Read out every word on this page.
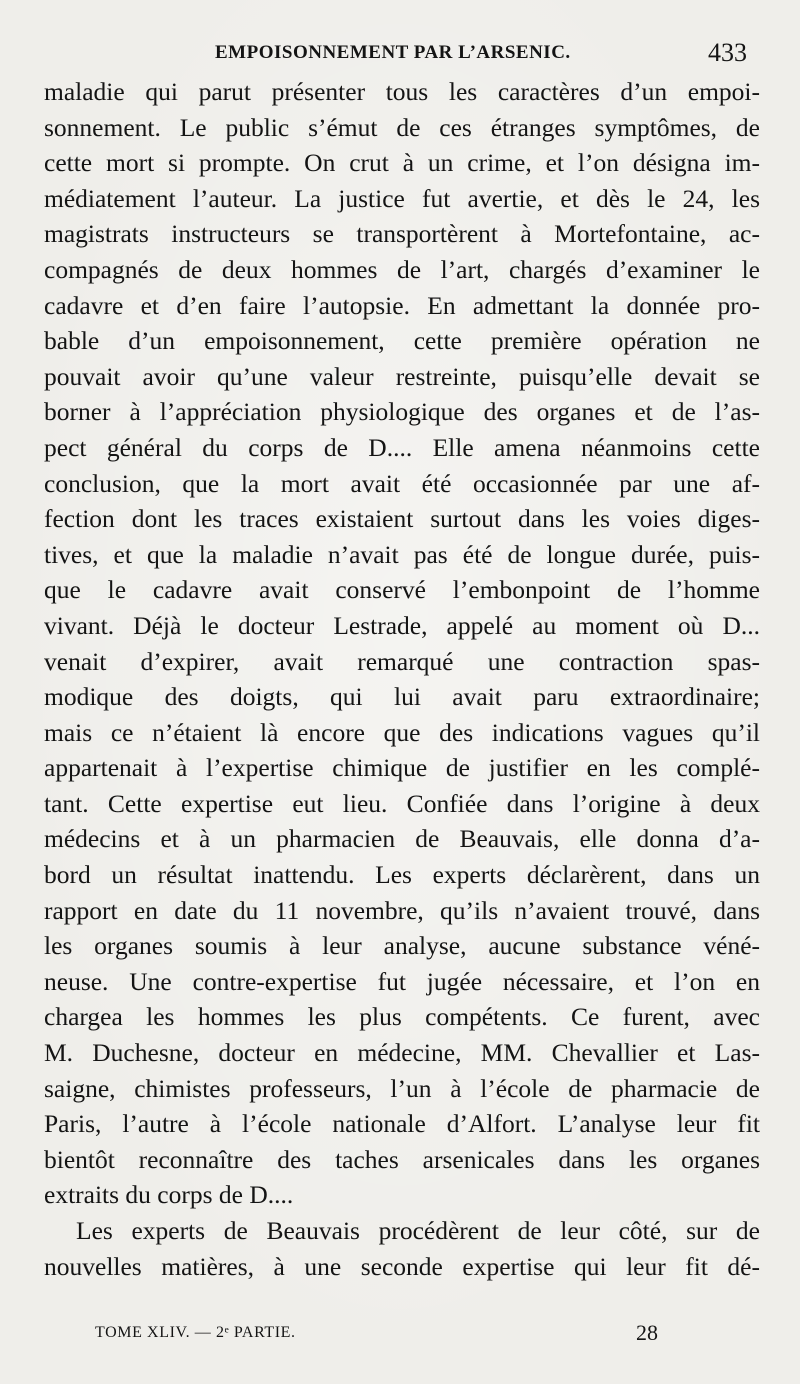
EMPOISONNEMENT PAR L’ARSENIC.	433
maladie qui parut présenter tous les caractères d’un empoi-
sonnement. Le public s’émut de ces étranges symptômes, de
cette mort si prompte. On crut à un crime, et l’on désigna im-
médiatement l’auteur. La justice fut avertie, et dès le 24, les
magistrats instructeurs se transportèrent à Mortefontaine, ac-
compagnés de deux hommes de l’art, chargés d’examiner le
cadavre et d’en faire l’autopsie. En admettant la donnée pro-
bable d’un empoisonnement, cette première opération ne
pouvait avoir qu’une valeur restreinte, puisqu’elle devait se
borner à l’appréciation physiologique des organes et de l’as-
pect général du corps de D.... Elle amena néanmoins cette
conclusion, que la mort avait été occasionnée par une af-
fection dont les traces existaient surtout dans les voies diges-
tives, et que la maladie n’avait pas été de longue durée, puis-
que le cadavre avait conservé l’embonpoint de l’homme
vivant. Déjà le docteur Lestrade, appelé au moment où D...
venait d’expirer, avait remarqué une contraction spas-
modique des doigts, qui lui avait paru extraordinaire;
mais ce n’étaient là encore que des indications vagues qu’il
appartenait à l’expertise chimique de justifier en les complé-
tant. Cette expertise eut lieu. Confiée dans l’origine à deux
médecins et à un pharmacien de Beauvais, elle donna d’a-
bord un résultat inattendu. Les experts déclarèrent, dans un
rapport en date du 11 novembre, qu’ils n’avaient trouvé, dans
les organes soumis à leur analyse, aucune substance véné-
neuse. Une contre-expertise fut jugée nécessaire, et l’on en
chargea les hommes les plus compétents. Ce furent, avec
M. Duchesne, docteur en médecine, MM. Chevallier et Las-
saigne, chimistes professeurs, l’un à l’école de pharmacie de
Paris, l’autre à l’école nationale d’Alfort. L’analyse leur fit
bientôt reconnaître des taches arsenicales dans les organes
extraits du corps de D....
Les experts de Beauvais procédèrent de leur côté, sur de
nouvelles matières, à une seconde expertise qui leur fit dé-
TOME XLIV. — 2ᵉ PARTIE.	28
